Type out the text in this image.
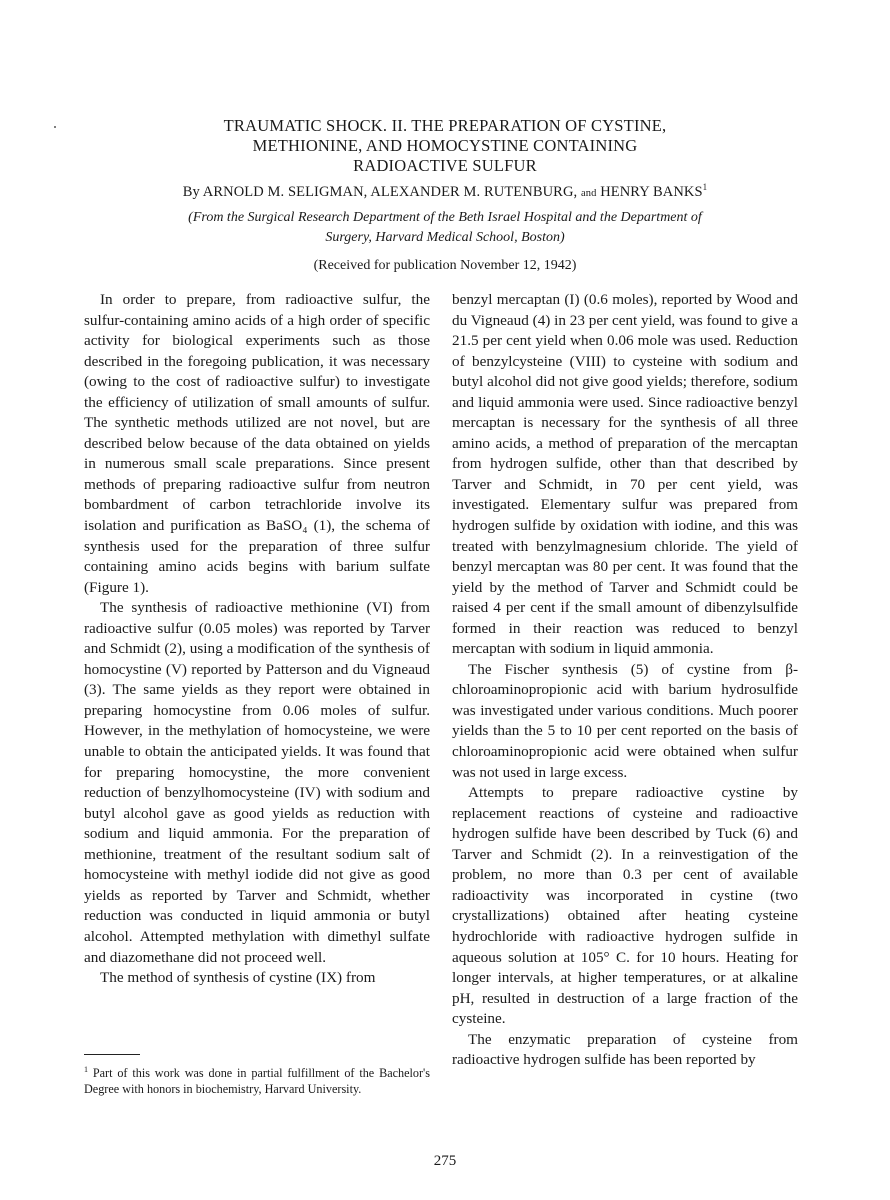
TRAUMATIC SHOCK. II. THE PREPARATION OF CYSTINE,
METHIONINE, AND HOMOCYSTINE CONTAINING
RADIOACTIVE SULFUR
By ARNOLD M. SELIGMAN, ALEXANDER M. RUTENBURG, and HENRY BANKS$^1$
(From the Surgical Research Department of the Beth Israel Hospital and the Department of
Surgery, Harvard Medical School, Boston)
(Received for publication November 12, 1942)

In order to prepare, from radioactive sulfur, the sulfur-containing amino acids of a high order of specific activity for biological experiments such as those described in the foregoing publication, it was necessary (owing to the cost of radioactive sulfur) to investigate the efficiency of utilization of small amounts of sulfur. The synthetic methods utilized are not novel, but are described below because of the data obtained on yields in numerous small scale preparations. Since present methods of preparing radioactive sulfur from neutron bombardment of carbon tetrachloride involve its isolation and purification as BaSO₄ (1), the schema of synthesis used for the preparation of three sulfur containing amino acids begins with barium sulfate (Figure 1).

The synthesis of radioactive methionine (VI) from radioactive sulfur (0.05 moles) was reported by Tarver and Schmidt (2), using a modification of the synthesis of homocystine (V) reported by Patterson and du Vigneaud (3). The same yields as they report were obtained in preparing homocystine from 0.06 moles of sulfur. However, in the methylation of homocysteine, we were unable to obtain the anticipated yields. It was found that for preparing homocystine, the more convenient reduction of benzylhomocysteine (IV) with sodium and butyl alcohol gave as good yields as reduction with sodium and liquid ammonia. For the preparation of methionine, treatment of the resultant sodium salt of homocysteine with methyl iodide did not give as good yields as reported by Tarver and Schmidt, whether reduction was conducted in liquid ammonia or butyl alcohol. Attempted methylation with dimethyl sulfate and diazomethane did not proceed well.

The method of synthesis of cystine (IX) from

benzyl mercaptan (I) (0.6 moles), reported by Wood and du Vigneaud (4) in 23 per cent yield, was found to give a 21.5 per cent yield when 0.06 mole was used. Reduction of benzylcysteine (VIII) to cysteine with sodium and butyl alcohol did not give good yields; therefore, sodium and liquid ammonia were used. Since radioactive benzyl mercaptan is necessary for the synthesis of all three amino acids, a method of preparation of the mercaptan from hydrogen sulfide, other than that described by Tarver and Schmidt, in 70 per cent yield, was investigated. Elementary sulfur was prepared from hydrogen sulfide by oxidation with iodine, and this was treated with benzylmagnesium chloride. The yield of benzyl mercaptan was 80 per cent. It was found that the yield by the method of Tarver and Schmidt could be raised 4 per cent if the small amount of dibenzylsulfide formed in their reaction was reduced to benzyl mercaptan with sodium in liquid ammonia.

The Fischer synthesis (5) of cystine from β-chloroaminopropionic acid with barium hydrosulfide was investigated under various conditions. Much poorer yields than the 5 to 10 per cent reported on the basis of chloroaminopropionic acid were obtained when sulfur was not used in large excess.

Attempts to prepare radioactive cystine by replacement reactions of cysteine and radioactive hydrogen sulfide have been described by Tuck (6) and Tarver and Schmidt (2). In a reinvestigation of the problem, no more than 0.3 per cent of available radioactivity was incorporated in cystine (two crystallizations) obtained after heating cysteine hydrochloride with radioactive hydrogen sulfide in aqueous solution at 105° C. for 10 hours. Heating for longer intervals, at higher temperatures, or at alkaline pH, resulted in destruction of a large fraction of the cysteine.

The enzymatic preparation of cysteine from radioactive hydrogen sulfide has been reported by

$^1$ Part of this work was done in partial fulfillment of the Bachelor's Degree with honors in biochemistry, Harvard University.
275
